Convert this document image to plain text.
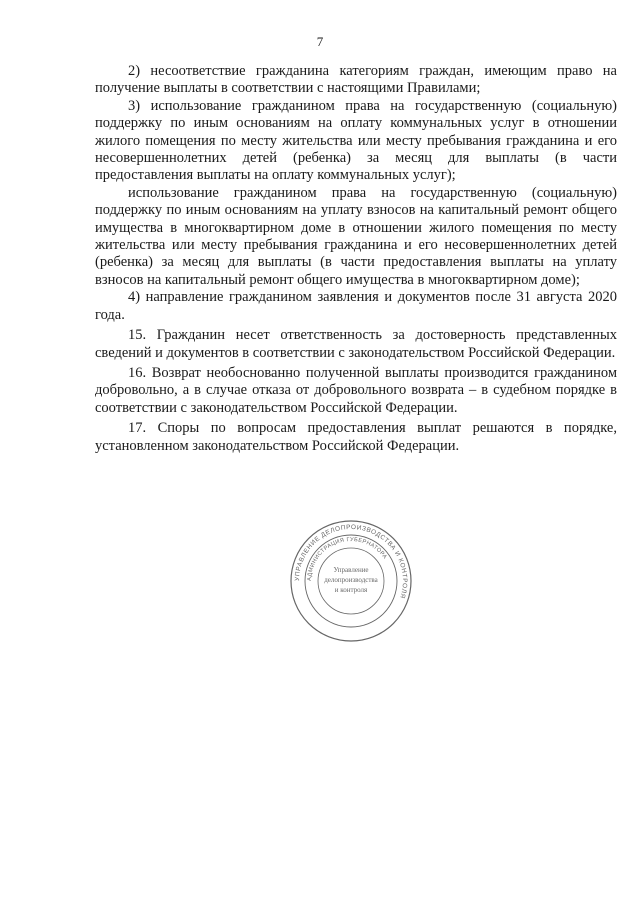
7

2) несоответствие гражданина категориям граждан, имеющим право на получение выплаты в соответствии с настоящими Правилами;

3) использование гражданином права на государственную (социальную) поддержку по иным основаниям на оплату коммунальных услуг в отношении жилого помещения по месту жительства или месту пребывания гражданина и его несовершеннолетних детей (ребенка) за месяц для выплаты (в части предоставления выплаты на оплату коммунальных услуг);

использование гражданином права на государственную (социальную) поддержку по иным основаниям на уплату взносов на капитальный ремонт общего имущества в многоквартирном доме в отношении жилого помещения по месту жительства или месту пребывания гражданина и его несовершеннолетних детей (ребенка) за месяц для выплаты (в части предоставления выплаты на уплату взносов на капитальный ремонт общего имущества в многоквартирном доме);

4) направление гражданином заявления и документов после 31 августа 2020 года.

15. Гражданин несет ответственность за достоверность представленных сведений и документов в соответствии с законодательством Российской Федерации.

16. Возврат необоснованно полученной выплаты производится гражданином добровольно, а в случае отказа от добровольного возврата – в судебном порядке в соответствии с законодательством Российской Федерации.

17. Споры по вопросам предоставления выплат решаются в порядке, установленном законодательством Российской Федерации.

УПРАВЛЕНИЕ ДЕЛОПРОИЗВОДСТВА И КОНТРОЛЯ
АДМИНИСТРАЦИЯ ГУБЕРНАТОРА
Управление
делопроизводства
и контроля
